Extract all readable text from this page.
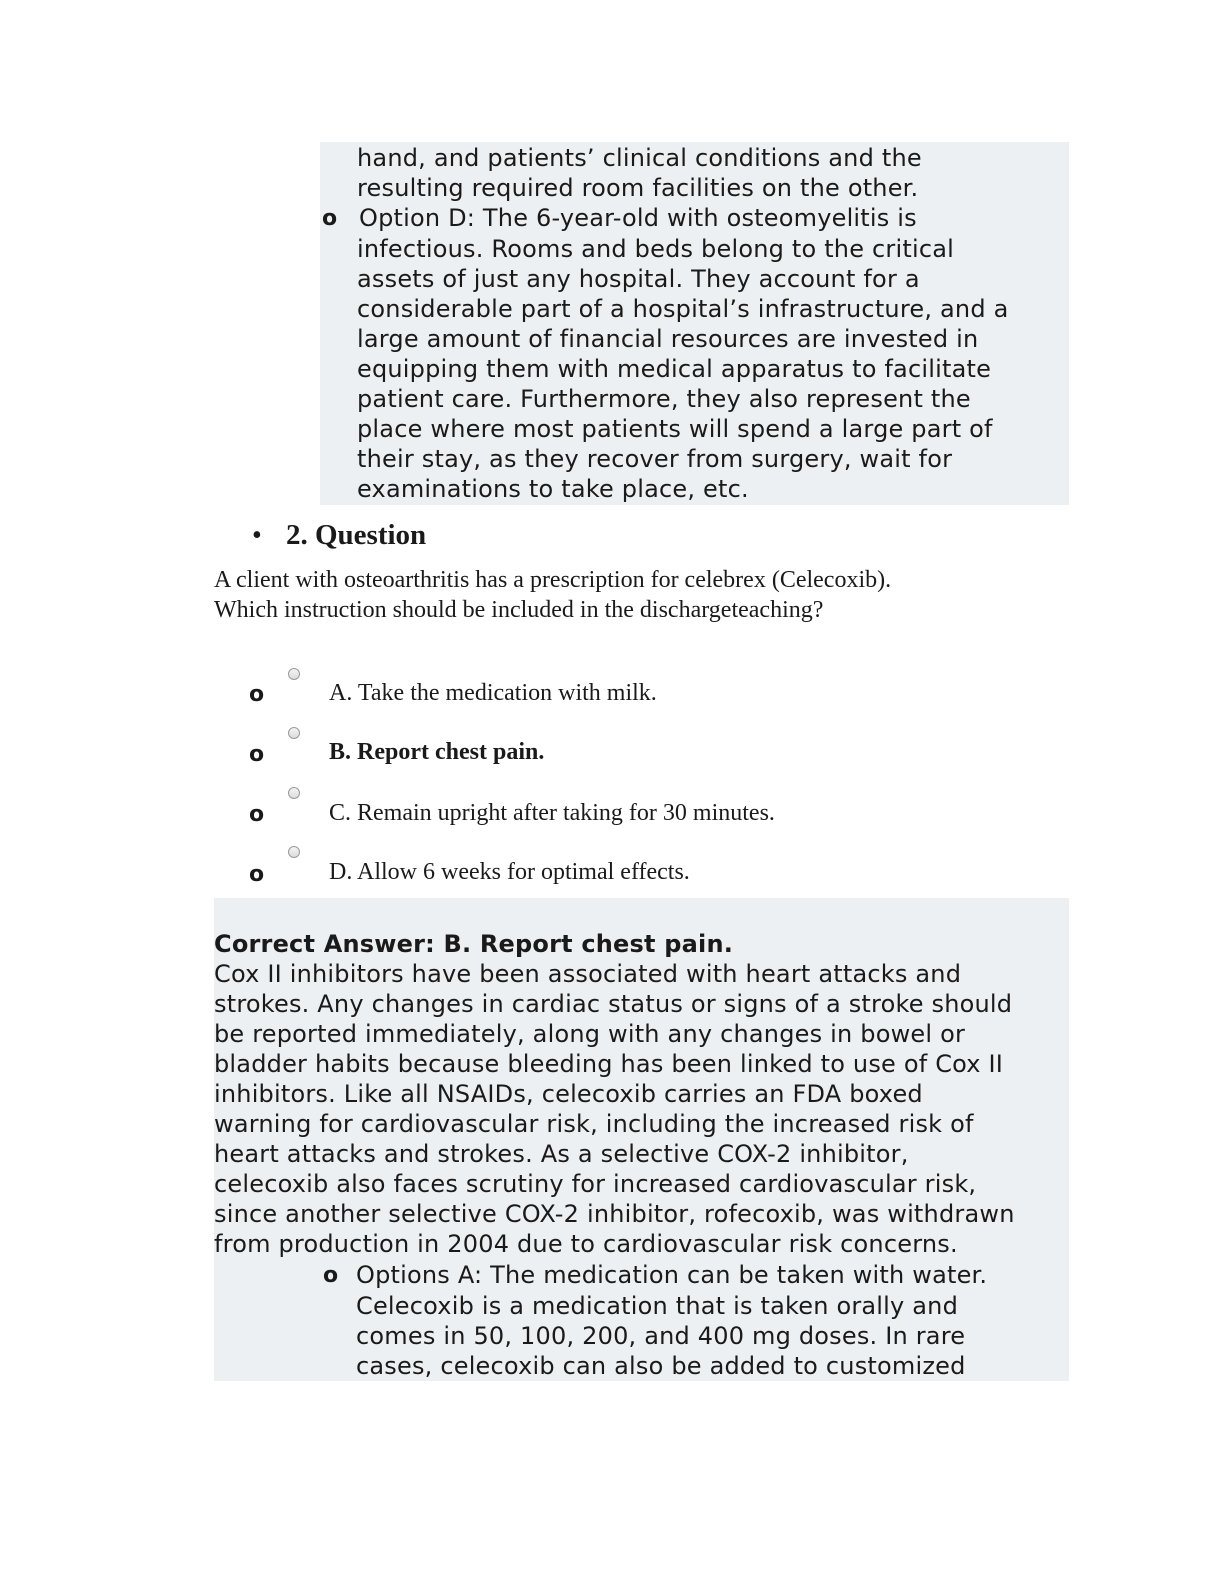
hand, and patients’ clinical conditions and the
resulting required room facilities on the other.
o Option D: The 6-year-old with osteomyelitis is
infectious. Rooms and beds belong to the critical
assets of just any hospital. They account for a
considerable part of a hospital’s infrastructure, and a
large amount of financial resources are invested in
equipping them with medical apparatus to facilitate
patient care. Furthermore, they also represent the
place where most patients will spend a large part of
their stay, as they recover from surgery, wait for
examinations to take place, etc.
• 2. Question
A client with osteoarthritis has a prescription for celebrex (Celecoxib).
Which instruction should be included in the dischargeteaching?
o	A. Take the medication with milk.
o	B. Report chest pain.
o	C. Remain upright after taking for 30 minutes.
o	D. Allow 6 weeks for optimal effects.
Correct Answer: B. Report chest pain.
Cox II inhibitors have been associated with heart attacks and
strokes. Any changes in cardiac status or signs of a stroke should
be reported immediately, along with any changes in bowel or
bladder habits because bleeding has been linked to use of Cox II
inhibitors. Like all NSAIDs, celecoxib carries an FDA boxed
warning for cardiovascular risk, including the increased risk of
heart attacks and strokes. As a selective COX-2 inhibitor,
celecoxib also faces scrutiny for increased cardiovascular risk,
since another selective COX-2 inhibitor, rofecoxib, was withdrawn
from production in 2004 due to cardiovascular risk concerns.
o Options A: The medication can be taken with water.
Celecoxib is a medication that is taken orally and
comes in 50, 100, 200, and 400 mg doses. In rare
cases, celecoxib can also be added to customized
